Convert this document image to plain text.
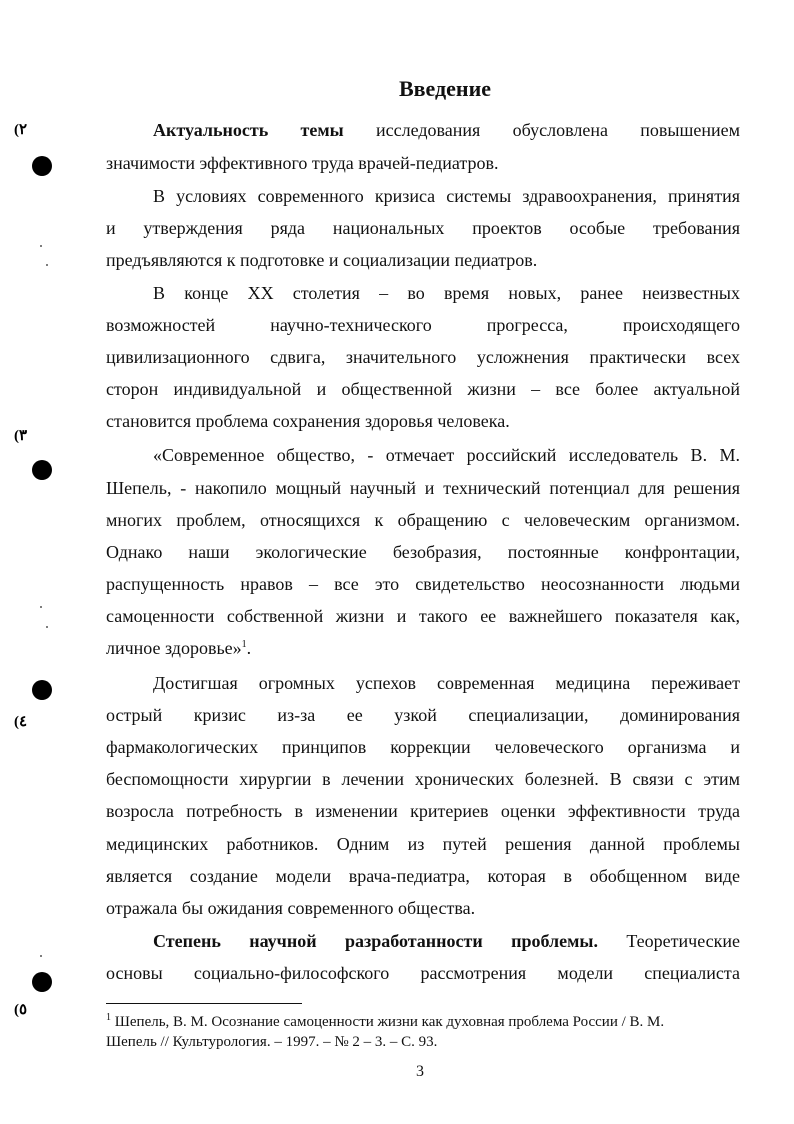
Введение
Актуальность темы исследования обусловлена повышением
значимости эффективного труда врачей-педиатров.
В условиях современного кризиса системы здравоохранения, принятия
и утверждения ряда национальных проектов особые требования
предъявляются к подготовке и социализации педиатров.
В конце XX столетия – во время новых, ранее неизвестных
возможностей научно-технического прогресса, происходящего
цивилизационного сдвига, значительного усложнения практически всех
сторон индивидуальной и общественной жизни – все более актуальной
становится проблема сохранения здоровья человека.
«Современное общество, - отмечает российский исследователь В. М.
Шепель, - накопило мощный научный и технический потенциал для решения
многих проблем, относящихся к обращению с человеческим организмом.
Однако наши экологические безобразия, постоянные конфронтации,
распущенность нравов – все это свидетельство неосознанности людьми
самоценности собственной жизни и такого ее важнейшего показателя как,
личное здоровье»$^1$.
Достигшая огромных успехов современная медицина переживает
острый кризис из-за ее узкой специализации, доминирования
фармакологических принципов коррекции человеческого организма и
беспомощности хирургии в лечении хронических болезней. В связи с этим
возросла потребность в изменении критериев оценки эффективности труда
медицинских работников. Одним из путей решения данной проблемы
является создание модели врача-педиатра, которая в обобщенном виде
отражала бы ожидания современного общества.
Степень научной разработанности проблемы. Теоретические
основы социально-философского рассмотрения модели специалиста
$^1$ Шепель, В. М. Осознание самоценности жизни как духовная проблема России / В. М.
Шепель // Культурология. – 1997. – № 2 – 3. – С. 93.
3
(٢
(٣
(٤
(٥
